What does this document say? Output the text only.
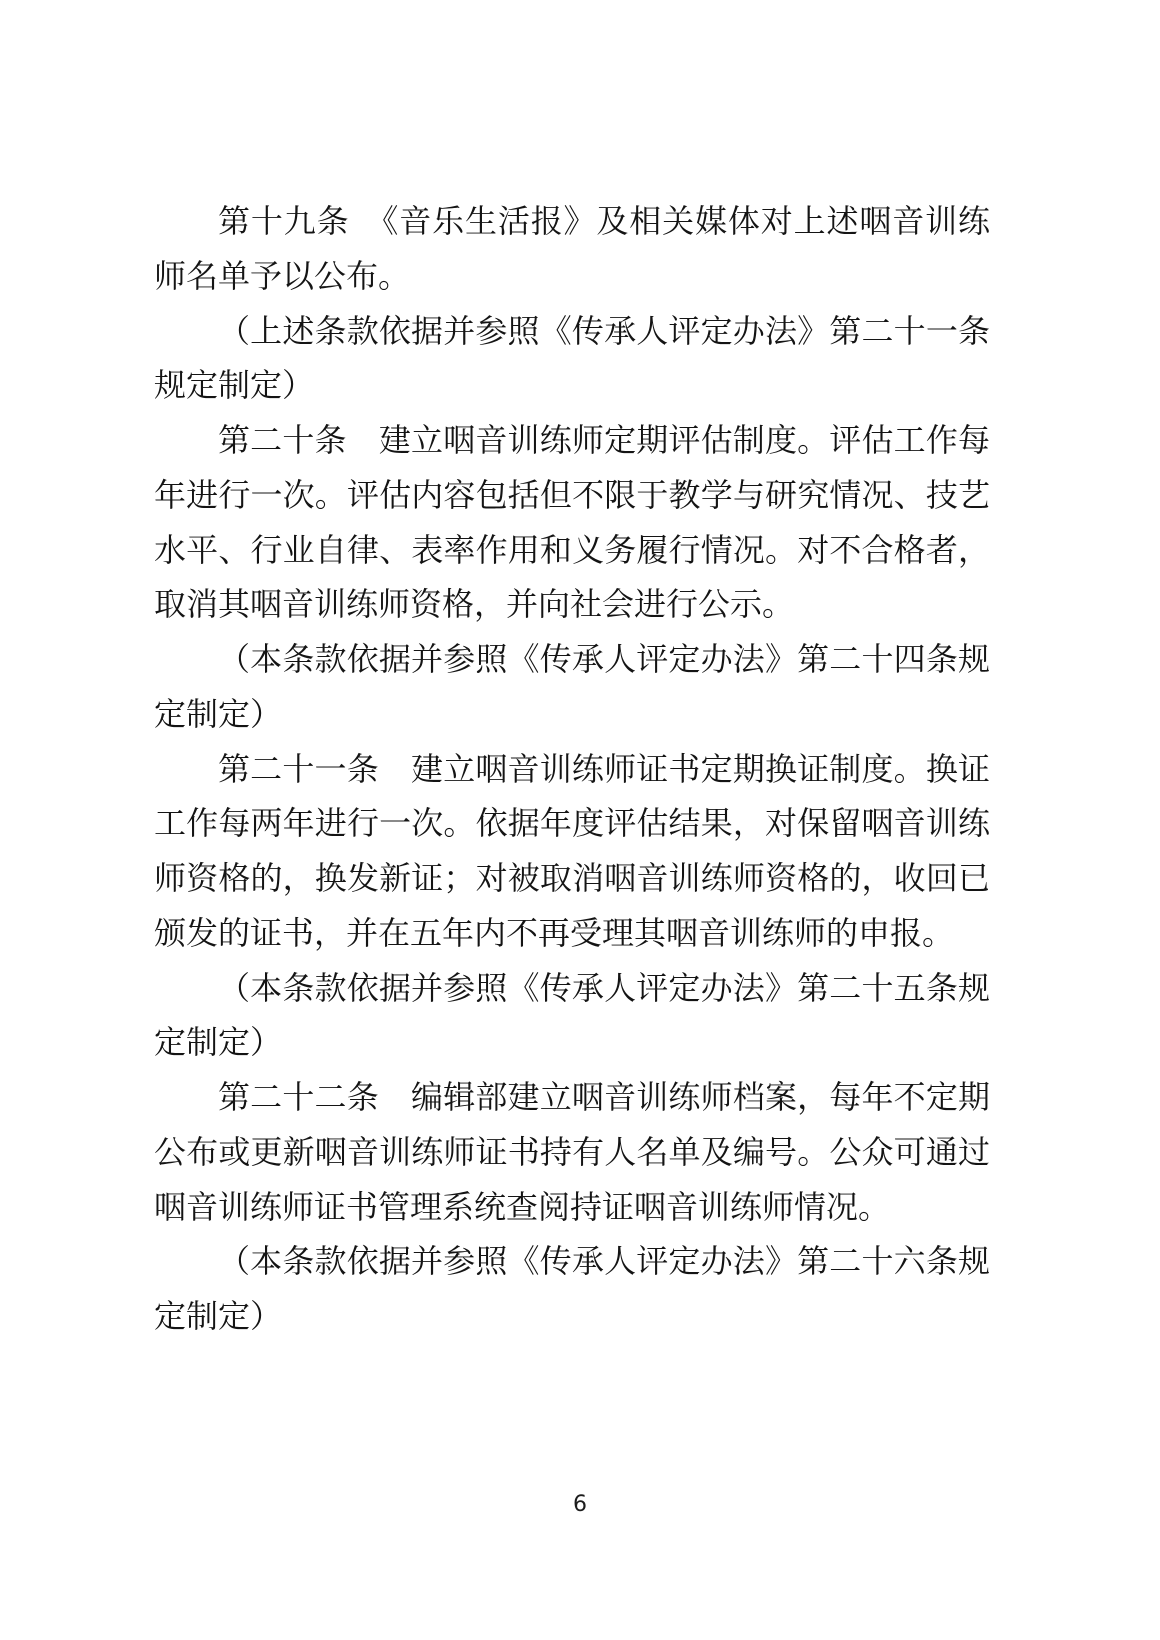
第十九条　《音乐生活报》及相关媒体对上述咽音训练师名单予以公布。

（上述条款依据并参照《传承人评定办法》第二十一条规定制定）

第二十条　建立咽音训练师定期评估制度。评估工作每年进行一次。评估内容包括但不限于教学与研究情况、技艺水平、行业自律、表率作用和义务履行情况。对不合格者，取消其咽音训练师资格，并向社会进行公示。

（本条款依据并参照《传承人评定办法》第二十四条规定制定）

第二十一条　建立咽音训练师证书定期换证制度。换证工作每两年进行一次。依据年度评估结果，对保留咽音训练师资格的，换发新证；对被取消咽音训练师资格的，收回已颁发的证书，并在五年内不再受理其咽音训练师的申报。

（本条款依据并参照《传承人评定办法》第二十五条规定制定）

第二十二条　编辑部建立咽音训练师档案，每年不定期公布或更新咽音训练师证书持有人名单及编号。公众可通过咽音训练师证书管理系统查阅持证咽音训练师情况。

（本条款依据并参照《传承人评定办法》第二十六条规定制定）

6
